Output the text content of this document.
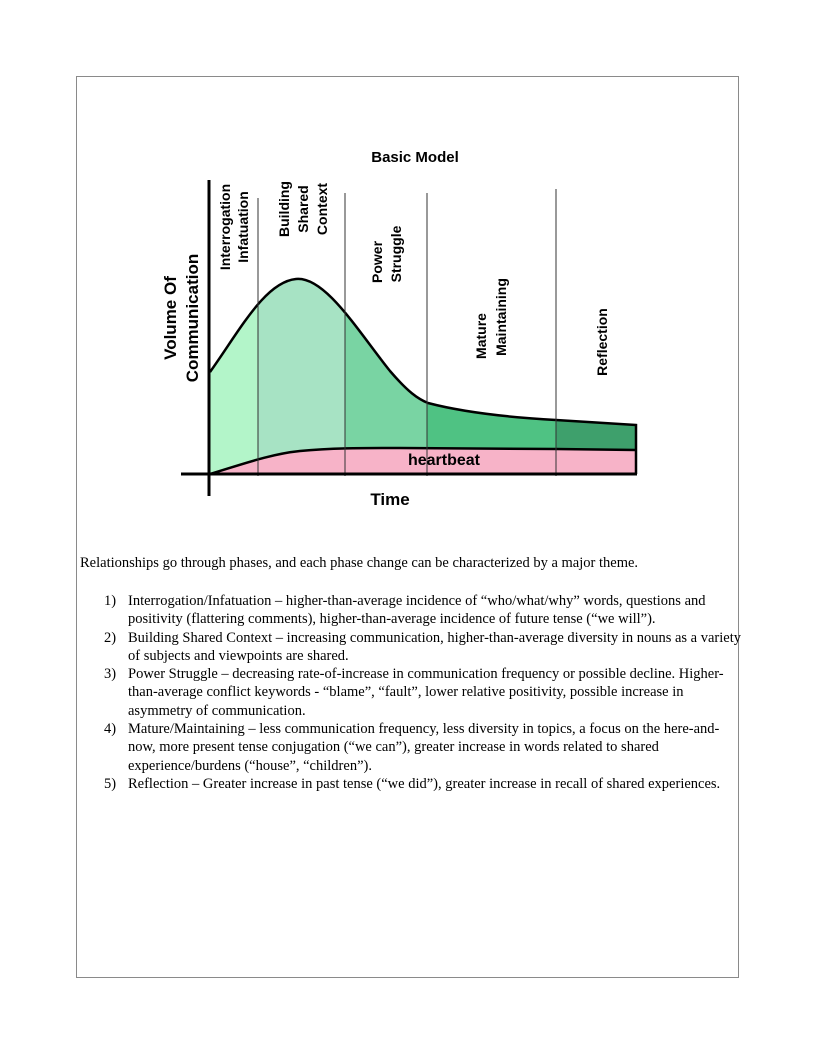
Basic Model
heartbeat
Time
Volume Of Communication
Interrogation Infatuation Building Shared Context
Power Struggle
Mature Maintaining	Reflection

Relationships go through phases, and each phase change can be characterized by a major theme.

1) Interrogation/Infatuation – higher-than-average incidence of “who/what/why” words, questions and positivity (flattering comments), higher-than-average incidence of future tense (“we will”).
2) Building Shared Context – increasing communication, higher-than-average diversity in nouns as a variety of subjects and viewpoints are shared.
3) Power Struggle – decreasing rate-of-increase in communication frequency or possible decline. Higher-than-average conflict keywords - “blame”, “fault”, lower relative positivity, possible increase in asymmetry of communication.
4) Mature/Maintaining – less communication frequency, less diversity in topics, a focus on the here-and-now, more present tense conjugation (“we can”), greater increase in words related to shared experience/burdens (“house”, “children”).
5) Reflection – Greater increase in past tense (“we did”), greater increase in recall of shared experiences.
